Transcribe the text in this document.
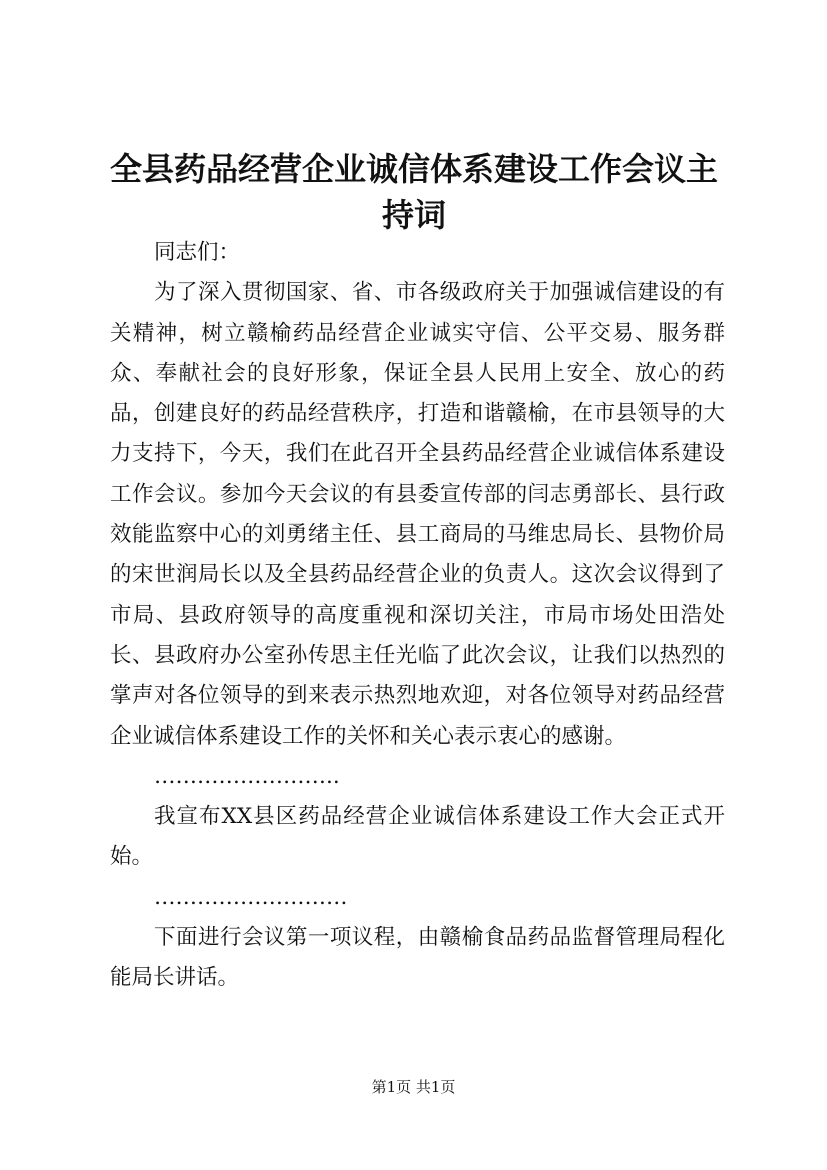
全县药品经营企业诚信体系建设工作会议主持词

同志们：

为了深入贯彻国家、省、市各级政府关于加强诚信建设的有关精神，树立赣榆药品经营企业诚实守信、公平交易、服务群众、奉献社会的良好形象，保证全县人民用上安全、放心的药品，创建良好的药品经营秩序，打造和谐赣榆，在市县领导的大力支持下，今天，我们在此召开全县药品经营企业诚信体系建设工作会议。参加今天会议的有县委宣传部的闫志勇部长、县行政效能监察中心的刘勇绪主任、县工商局的马维忠局长、县物价局的宋世润局长以及全县药品经营企业的负责人。这次会议得到了市局、县政府领导的高度重视和深切关注，市局市场处田浩处长、县政府办公室孙传思主任光临了此次会议，让我们以热烈的掌声对各位领导的到来表示热烈地欢迎，对各位领导对药品经营企业诚信体系建设工作的关怀和关心表示衷心的感谢。

……………………..

我宣布XX县区药品经营企业诚信体系建设工作大会正式开始。

………………………

下面进行会议第一项议程，由赣榆食品药品监督管理局程化能局长讲话。

第1页 共1页
